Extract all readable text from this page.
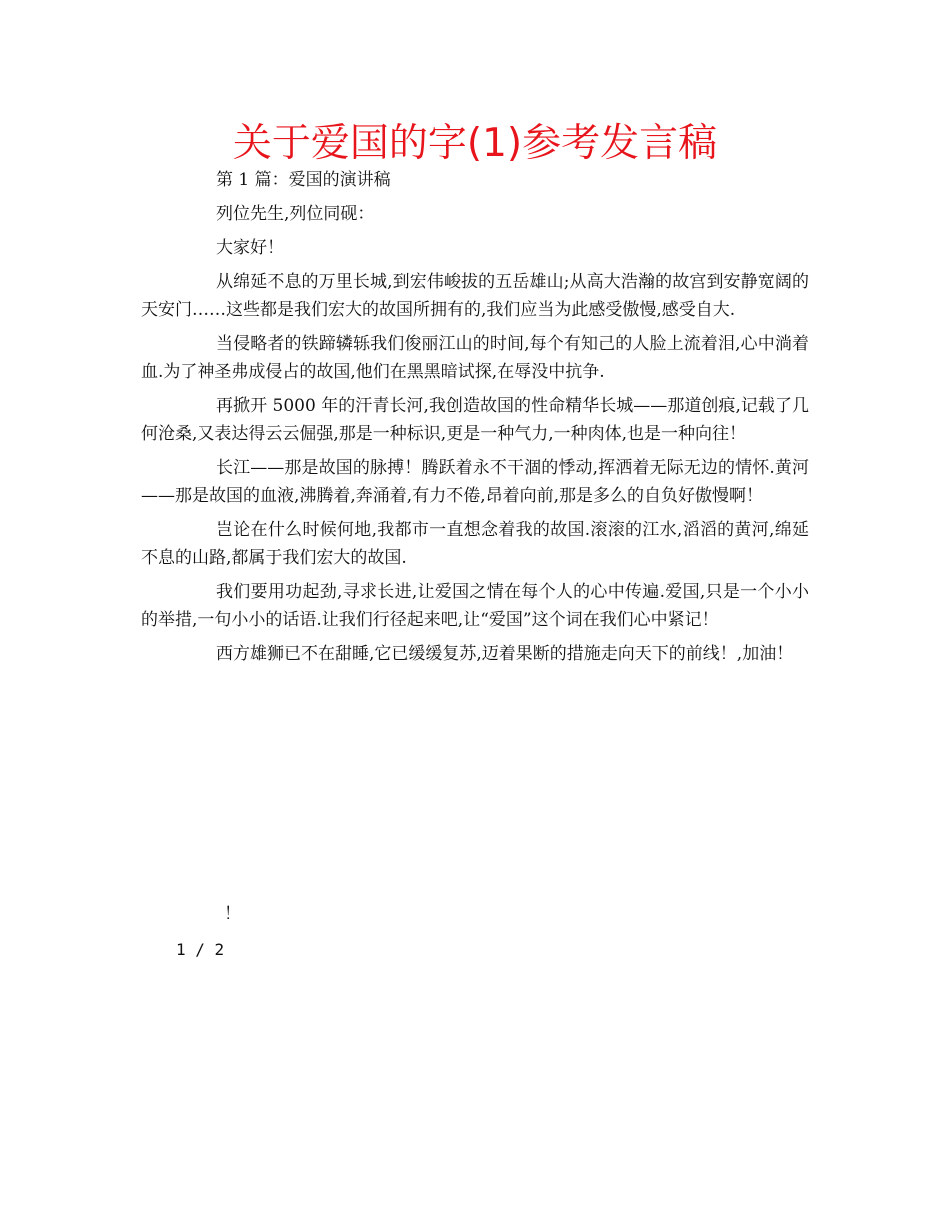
关于爱国的字(1)参考发言稿

第 1 篇：爱国的演讲稿

列位先生,列位同砚：

大家好！

从绵延不息的万里长城,到宏伟峻拔的五岳雄山;从高大浩瀚的故宫到安静宽阔的天安门……这些都是我们宏大的故国所拥有的,我们应当为此感受傲慢,感受自大.

当侵略者的铁蹄辚轹我们俊丽江山的时间,每个有知己的人脸上流着泪,心中淌着血.为了神圣弗成侵占的故国,他们在黑黑暗试探,在辱没中抗争.

再掀开 5000 年的汗青长河,我创造故国的性命精华长城——那道创痕,记载了几何沧桑,又表达得云云倔强,那是一种标识,更是一种气力,一种肉体,也是一种向往！

长江——那是故国的脉搏！腾跃着永不干涸的悸动,挥洒着无际无边的情怀.黄河——那是故国的血液,沸腾着,奔涌着,有力不倦,昂着向前,那是多么的自负好傲慢啊！

岂论在什么时候何地,我都市一直想念着我的故国.滚滚的江水,滔滔的黄河,绵延不息的山路,都属于我们宏大的故国.

我们要用功起劲,寻求长进,让爱国之情在每个人的心中传遍.爱国,只是一个小小的举措,一句小小的话语.让我们行径起来吧,让“爱国”这个词在我们心中紧记！

西方雄狮已不在甜睡,它已缓缓复苏,迈着果断的措施走向天下的前线！,加油！

！
1 / 2
